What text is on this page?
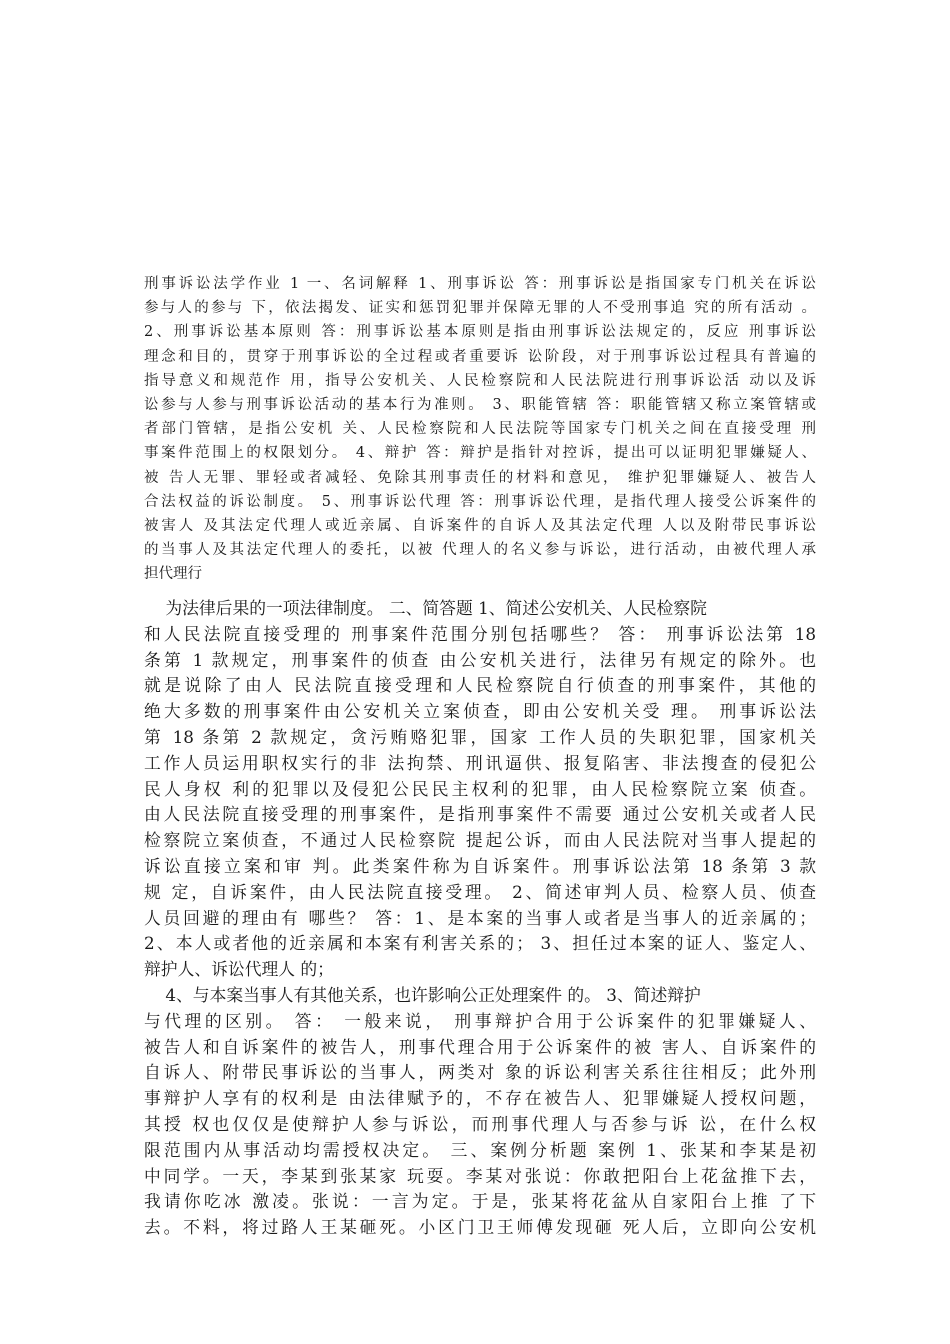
刑事诉讼法学作业 1 一、名词解释 1、刑事诉讼 答：刑事诉讼是指国家专门机关在诉讼
参与人的参与 下，依法揭发、证实和惩罚犯罪并保障无罪的人不受刑事追 究的所有活动 。
2、刑事诉讼基本原则 答：刑事诉讼基本原则是指由刑事诉讼法规定的，反应 刑事诉讼
理念和目的，贯穿于刑事诉讼的全过程或者重要诉 讼阶段，对于刑事诉讼过程具有普遍的
指导意义和规范作 用，指导公安机关、人民检察院和人民法院进行刑事诉讼活 动以及诉
讼参与人参与刑事诉讼活动的基本行为准则。 3、职能管辖 答：职能管辖又称立案管辖或
者部门管辖，是指公安机 关、人民检察院和人民法院等国家专门机关之间在直接受理 刑
事案件范围上的权限划分。 4、辩护 答：辩护是指针对控诉，提出可以证明犯罪嫌疑人、
被 告人无罪、罪轻或者减轻、免除其刑事责任的材料和意见， 维护犯罪嫌疑人、被告人
合法权益的诉讼制度。 5、刑事诉讼代理 答：刑事诉讼代理，是指代理人接受公诉案件的
被害人 及其法定代理人或近亲属、自诉案件的自诉人及其法定代理 人以及附带民事诉讼
的当事人及其法定代理人的委托，以被 代理人的名义参与诉讼，进行活动，由被代理人承
担代理行
为法律后果的一项法律制度。 二、简答题 1、简述公安机关、人民检察院
和人民法院直接受理的 刑事案件范围分别包括哪些？ 答： 刑事诉讼法第 18
条第 1 款规定，刑事案件的侦查 由公安机关进行，法律另有规定的除外。也
就是说除了由人 民法院直接受理和人民检察院自行侦查的刑事案件，其他的
绝大多数的刑事案件由公安机关立案侦查，即由公安机关受 理。 刑事诉讼法
第 18 条第 2 款规定，贪污贿赂犯罪，国家 工作人员的失职犯罪，国家机关
工作人员运用职权实行的非 法拘禁、刑讯逼供、报复陷害、非法搜查的侵犯公
民人身权 利的犯罪以及侵犯公民民主权利的犯罪，由人民检察院立案 侦查。
由人民法院直接受理的刑事案件，是指刑事案件不需要 通过公安机关或者人民
检察院立案侦查，不通过人民检察院 提起公诉，而由人民法院对当事人提起的
诉讼直接立案和审 判。此类案件称为自诉案件。刑事诉讼法第 18 条第 3 款
规 定，自诉案件，由人民法院直接受理。 2、简述审判人员、检察人员、侦查
人员回避的理由有 哪些？ 答：1、是本案的当事人或者是当事人的近亲属的；
2、本人或者他的近亲属和本案有利害关系的； 3、担任过本案的证人、鉴定人、
辩护人、诉讼代理人 的；
4、与本案当事人有其他关系，也许影响公正处理案件 的。 3、简述辩护
与代理的区别。 答： 一般来说， 刑事辩护合用于公诉案件的犯罪嫌疑人、
被告人和自诉案件的被告人，刑事代理合用于公诉案件的被 害人、自诉案件的
自诉人、附带民事诉讼的当事人，两类对 象的诉讼利害关系往往相反；此外刑
事辩护人享有的权利是 由法律赋予的，不存在被告人、犯罪嫌疑人授权问题，
其授 权也仅仅是使辩护人参与诉讼，而刑事代理人与否参与诉 讼，在什么权
限范围内从事活动均需授权决定。 三、案例分析题 案例 1、张某和李某是初
中同学。一天，李某到张某家 玩耍。李某对张说：你敢把阳台上花盆推下去，
我请你吃冰 激凌。张说：一言为定。于是，张某将花盆从自家阳台上推 了下
去。不料，将过路人王某砸死。小区门卫王师傅发现砸 死人后，立即向公安机
